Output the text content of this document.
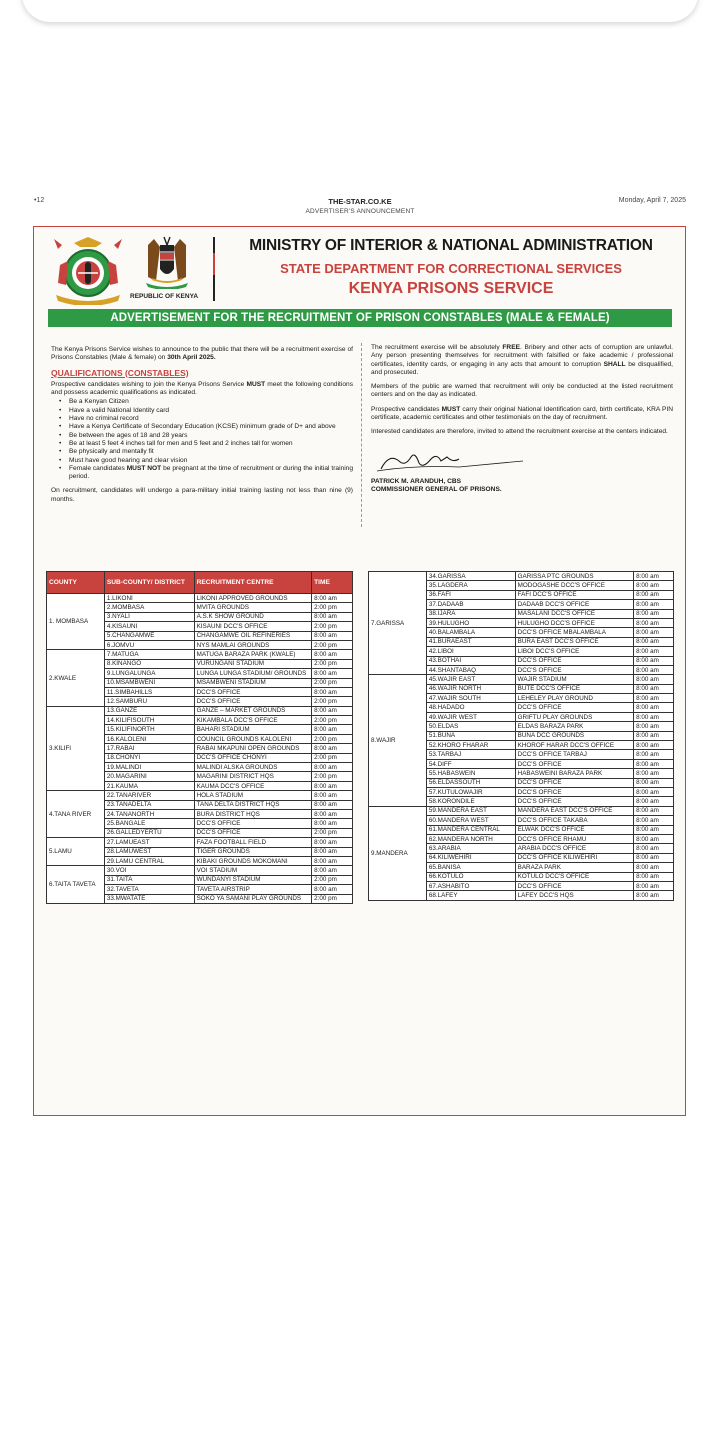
•12	THE-STAR.CO.KE
ADVERTISER'S ANNOUNCEMENT
Monday, April 7, 2025
REPUBLIC OF KENYA
MINISTRY OF INTERIOR & NATIONAL ADMINISTRATION
STATE DEPARTMENT FOR CORRECTIONAL SERVICES
KENYA PRISONS SERVICE
ADVERTISEMENT FOR THE RECRUITMENT OF PRISON CONSTABLES (MALE & FEMALE)

The Kenya Prisons Service wishes to announce to the public that there will be a recruitment exercise of Prisons Constables (Male & female) on 30th April 2025.

QUALIFICATIONS (CONSTABLES)

Prospective candidates wishing to join the Kenya Prisons Service MUST meet the following conditions and possess academic qualifications as indicated.

• Be a Kenyan Citizen
• Have a valid National Identity card
• Have no criminal record
• Have a Kenya Certificate of Secondary Education (KCSE) minimum grade of D+ and above
• Be between the ages of 18 and 28 years
• Be at least 5 feet 4 inches tall for men and 5 feet and 2 inches tall for women
• Be physically and mentally fit
• Must have good hearing and clear vision
• Female candidates MUST NOT be pregnant at the time of recruitment or during the initial training period.

On recruitment, candidates will undergo a para-military initial training lasting not less than nine (9) months.

The recruitment exercise will be absolutely FREE. Bribery and other acts of corruption are unlawful. Any person presenting themselves for recruitment with falsified or fake academic / professional certificates, identity cards, or engaging in any acts that amount to corruption SHALL be disqualified, and prosecuted.

Members of the public are warned that recruitment will only be conducted at the listed recruitment centers and on the day as indicated.

Prospective candidates MUST carry their original National Identification card, birth certificate, KRA PIN certificate, academic certificates and other testimonials on the day of recruitment.

Interested candidates are therefore, invited to attend the recruitment exercise at the centers indicated.

PATRICK M. ARANDUH, CBS
COMMISSIONER GENERAL OF PRISONS.
COUNTY	SUB-COUNTY/ DISTRICT	RECRUITMENT CENTRE	TIME
1. MOMBASA	1.LIKONI	LIKONI APPROVED GROUNDS	8:00 am
	2.MOMBASA	MVITA GROUNDS	2:00 pm
	3.NYALI	A.S.K SHOW GROUND	8:00 am
	4.KISAUNI	KISAUNI DCC'S OFFICE	2:00 pm
	5.CHANGAMWE	CHANGAMWE OIL REFINERIES	8:00 am
	6.JOMVU	NYS MAMLAI GROUNDS	2:00 pm
2.KWALE	7.MATUGA	MATUGA BARAZA PARK (KWALE)	8:00 am
	8.KINANGO	VURUNGANI STADIUM	2:00 pm
	9.LUNGALUNGA	LUNGA LUNGA STADIUM/ GROUNDS	8:00 am
	10.MSAMBWENI	MSAMBWENI STADIUM	2:00 pm
	11.SIMBAHILLS	DCC'S OFFICE	8:00 am
	12.SAMBURU	DCC'S OFFICE	2:00 pm
3.KILIFI	13.GANZE	GANZE – MARKET GROUNDS	8:00 am
	14.KILIFISOUTH	KIKAMBALA DCC'S OFFICE	2:00 pm
	15.KILIFINORTH	BAHARI STADIUM	8:00 am
	16.KALOLENI	COUNCIL GROUNDS KALOLENI	2:00 pm
	17.RABAI	RABAI MKAPUNI OPEN GROUNDS	8:00 am
	18.CHONYI	DCC'S OFFICE CHONYI	2:00 pm
	19.MALINDI	MALINDI ALSKA GROUNDS	8:00 am
	20.MAGARINI	MAGARINI DISTRICT HQS	2:00 pm
	21.KAUMA	KAUMA DCC'S OFFICE	8:00 am
4.TANA RIVER	22.TANARIVER	HOLA STADIUM	8:00 am
	23.TANADELTA	TANA DELTA DISTRICT HQS	8:00 am
	24.TANANORTH	BURA DISTRICT HQS	8:00 am
	25.BANGALE	DCC'S OFFICE	8:00 am
	26.GALLEDYERTU	DCC'S OFFICE	2:00 pm
5.LAMU	27.LAMUEAST	FAZA FOOTBALL FIELD	8:00 am
	28.LAMUWEST	TIGER GROUNDS	8:00 am
	29.LAMU CENTRAL	KIBAKI GROUNDS MOKOMANI	8:00 am
6.TAITA TAVETA	30.VOI	VOI STADIUM	8:00 am
	31.TAITA	WUNDANYI STADIUM	2:00 pm
	32.TAVETA	TAVETA AIRSTRIP	8:00 am
	33.MWATATE	SOKO YA SAMANI PLAY GROUNDS	2:00 pm
7.GARISSA	34.GARISSA	GARISSA PTC GROUNDS	8:00 am
	35.LAGDERA	MODOGASHE DCC'S OFFICE	8:00 am
	36.FAFI	FAFI DCC'S OFFICE	8:00 am
	37.DADAAB	DADAAB DCC'S OFFICE	8:00 am
	38.IJARA	MASALANI DCC'S OFFICE	8:00 am
	39.HULUGHO	HULUGHO DCC'S OFFICE	8:00 am
	40.BALAMBALA	DCC'S OFFICE MBALAMBALA	8:00 am
	41.BURAEAST	BURA EAST DCC'S OFFICE	8:00 am
	42.LIBOI	LIBOI DCC'S OFFICE	8:00 am
	43.BOTHAI	DCC'S OFFICE	8:00 am
	44.SHANTABAQ	DCC'S OFFICE	8:00 am
8.WAJIR	45.WAJIR EAST	WAJIR STADIUM	8:00 am
	46.WAJIR NORTH	BUTE DCC'S OFFICE	8:00 am
	47.WAJIR SOUTH	LEHELEY PLAY GROUND	8:00 am
	48.HADADO	DCC'S OFFICE	8:00 am
	49.WAJIR WEST	GRIFTU PLAY GROUNDS	8:00 am
	50.ELDAS	ELDAS BARAZA PARK	8:00 am
	51.BUNA	BUNA DCC GROUNDS	8:00 am
	52.KHORO FHARAR	KHOROF HARAR DCC'S OFFICE	8:00 am
	53.TARBAJ	DCC'S OFFICE TARBAJ	8:00 am
	54.DIFF	DCC'S OFFICE	8:00 am
	55.HABASWEIN	HABASWEINI BARAZA PARK	8:00 am
	56.ELDASSOUTH	DCC'S OFFICE	8:00 am
	57.KUTULOWAJIR	DCC'S OFFICE	8:00 am
	58.KORONDILE	DCC'S OFFICE	8:00 am
9.MANDERA	59.MANDERA EAST	MANDERA EAST DCC'S OFFICE	8:00 am
	60.MANDERA WEST	DCC'S OFFICE TAKABA	8:00 am
	61.MANDERA CENTRAL	ELWAK DCC'S OFFICE	8:00 am
	62.MANDERA NORTH	DCC'S OFFICE RHAMU	8:00 am
	63.ARABIA	ARABIA DCC'S OFFICE	8:00 am
	64.KILIWEHIRI	DCC'S OFFICE KILIWEHIRI	8:00 am
	65.BANISA	BARAZA PARK	8:00 am
	66.KOTULO	KOTULO DCC'S OFFICE	8:00 am
	67.ASHABITO	DCC'S OFFICE	8:00 am
	68.LAFEY	LAFEY DCC'S HQS	8:00 am
